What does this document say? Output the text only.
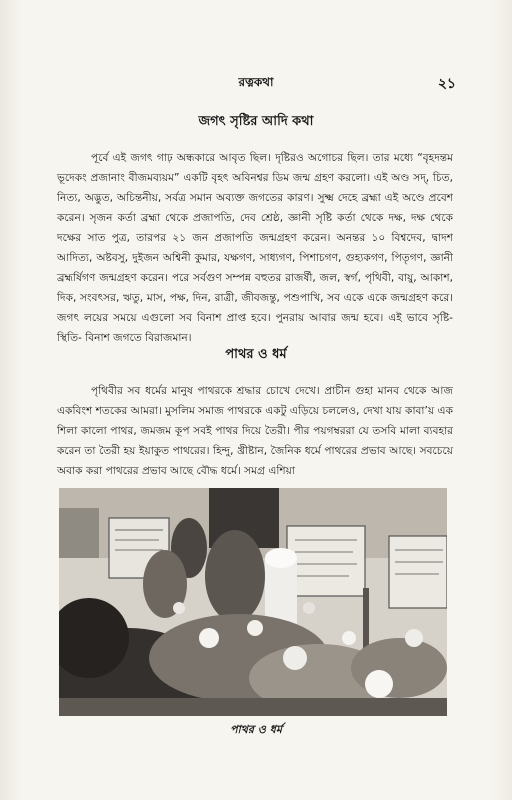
রত্নকথা	২১
জগৎ সৃষ্টির আদি কথা

পূর্বে এই জগৎ গাঢ় অন্ধকারে আবৃত ছিল। দৃষ্টিরও অগোচর ছিল। তার মধ্যে “বৃহদন্তম ভূদেকং প্রজানাং বীজমব্যয়ম” একটি বৃহৎ অবিনশ্বর ডিম জন্ম গ্রহণ করলো। এই অণ্ড সদ্, চিত, নিত্য, অদ্ভুত, অচিন্তনীয়, সর্বত্র সমান অব্যক্ত জগতের কারণ। সুক্ষ্ম দেহে ব্রহ্মা এই অণ্ডে প্রবেশ করেন। সৃজন কর্তা ব্রহ্মা থেকে প্রজাপতি, দেব শ্রেষ্ঠ, জ্ঞানী সৃষ্টি কর্তা থেকে দক্ষ, দক্ষ থেকে দক্ষের সাত পুত্র, তারপর ২১ জন প্রজাপতি জন্মগ্রহণ করেন। অনন্তর ১০ বিশ্বদেব, দ্বাদশ আদিত্য, অষ্টবসু, দুইজন অশ্বিনী কুমার, যক্ষগণ, সাধ্যগণ, পিশাচগণ, গুহ্যকগণ, পিতৃগণ, জ্ঞানী ব্রহ্মর্ষিগণ জন্মগ্রহণ করেন। পরে সর্বগুণ সম্পন্ন বহুতর রাজর্ষী, জল, স্বর্গ, পৃথিবী, বায়ু, আকাশ, দিক, সংবৎসর, ঋতু, মাস, পক্ষ, দিন, রাত্রী, জীবজন্তু, পশুপাখি, সব একে একে জন্মগ্রহণ করে। জগৎ লয়ের সময়ে এগুলো সব বিনাশ প্রাপ্ত হবে। পুনরায় আবার জন্ম হবে। এই ভাবে সৃষ্টি- স্থিতি- বিনাশ জগতে বিরাজমান।

পাথর ও ধর্ম

পৃথিবীর সব ধর্মের মানুষ পাথরকে শ্রদ্ধার চোখে দেখে। প্রাচীন গুহা মানব থেকে আজ একবিংশ শতকের আমরা। মুসলিম সমাজ পাথরকে একটু এড়িয়ে চললেও, দেখা যায় কাবা’য় এক শিলা কালো পাথর, জমজম কূপ সবই পাথর দিয়ে তৈরী। পীর পয়গম্বররা যে তসবি মালা ব্যবহার করেন তা তৈরী হয় ইয়াকুত পাথরের। হিন্দু, খ্রীষ্টান, জৈনিক ধর্মে পাথরের প্রভাব আছে। সবচেয়ে অবাক করা পাথরের প্রভাব আছে বৌদ্ধ ধর্মে। সমগ্র এশিয়া

পাথর ও ধর্ম
